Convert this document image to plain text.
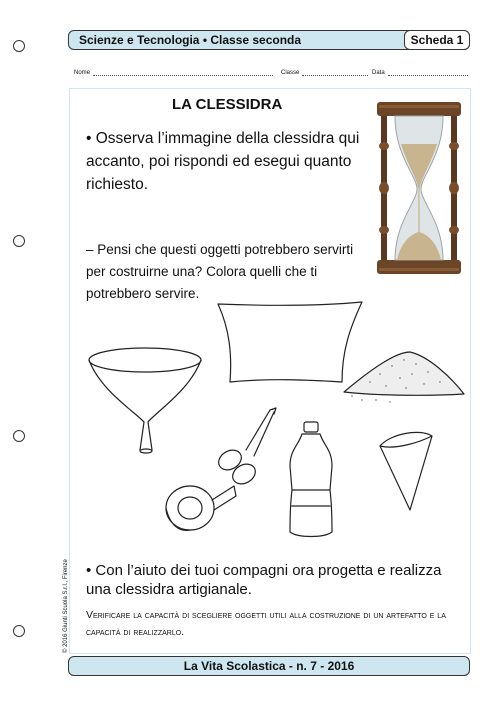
Scienze e Tecnologia • Classe seconda	Scheda 1
Nome	Classe	Data
LA CLESSIDRA
• Osserva l’immagine della clessidra qui accanto, poi rispondi ed esegui quanto richiesto.
– Pensi che questi oggetti potrebbero servirti per costruirne una? Colora quelli che ti potrebbero servire.
• Con l’aiuto dei tuoi compagni ora progetta e realizza una clessidra artigianale.
Verificare la capacità di scegliere oggetti utili alla costruzione di un artefatto e la capacità di realizzarlo.
© 2016 Giunti Scuola S.r.l., Firenze
La Vita Scolastica - n. 7 - 2016
